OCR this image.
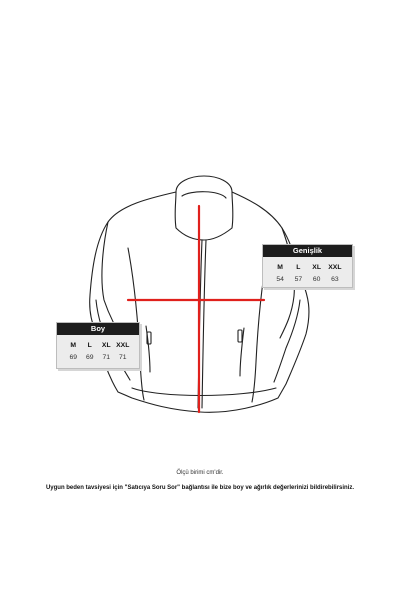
Genişlik
M	L	XL	XXL
54	57	60	63
Boy
M	L	XL XXL
69	69	71	71
Ölçü birimi cm'dir.
Uygun beden tavsiyesi için "Satıcıya Soru Sor" bağlantısı ile bize boy ve ağırlık değerlerinizi bildirebilirsiniz.
